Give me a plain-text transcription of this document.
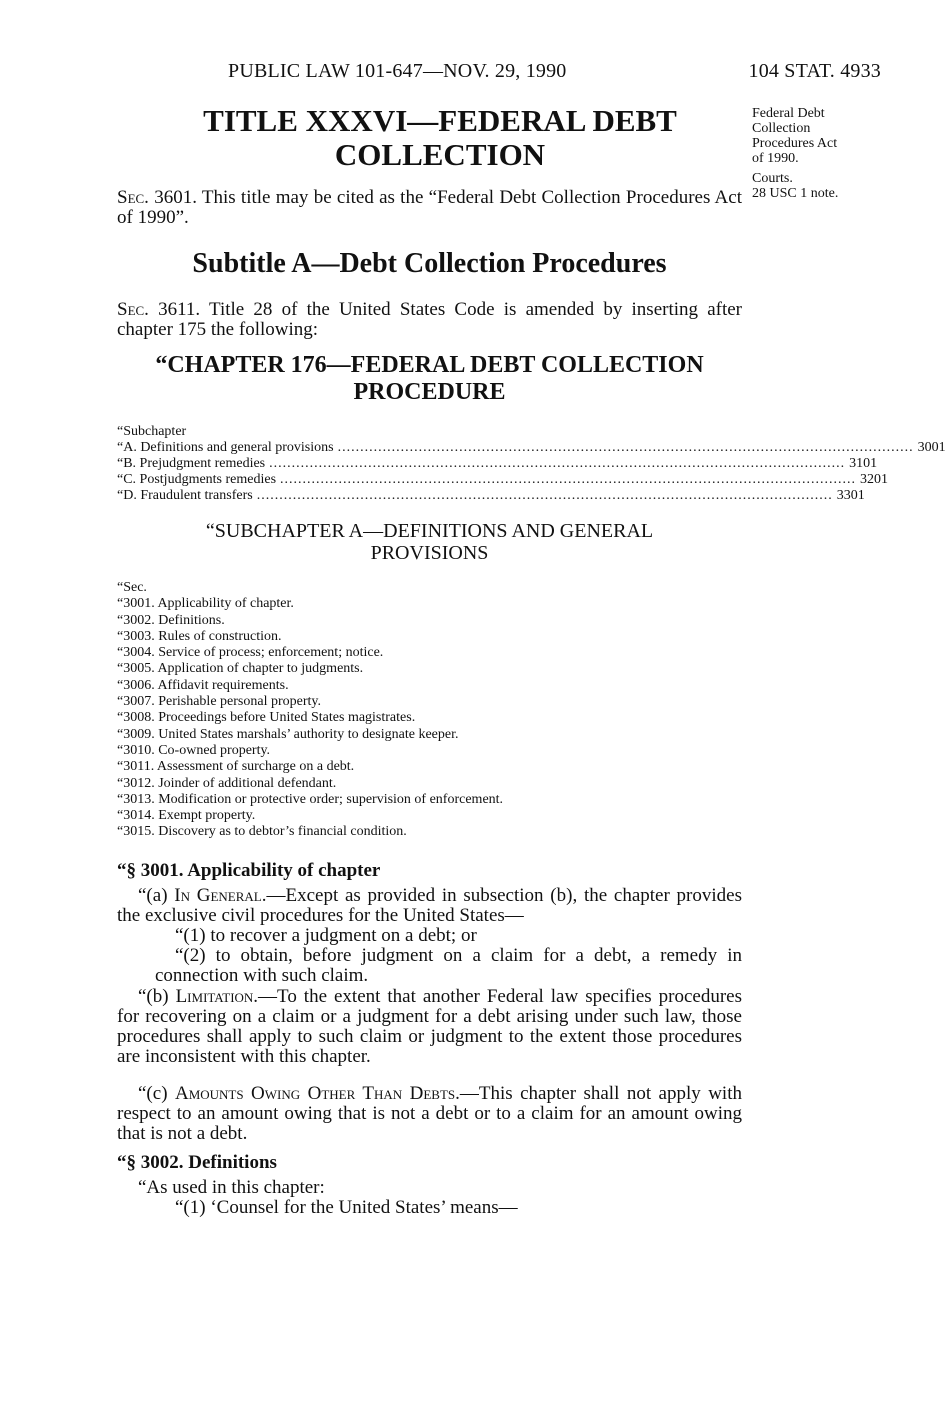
PUBLIC LAW 101-647—NOV. 29, 1990	104 STAT. 4933
Federal Debt
Collection
Procedures Act
of 1990.
Courts.
28 USC 1 note.
TITLE XXXVI—FEDERAL DEBT
COLLECTION
Sec. 3601. This title may be cited as the “Federal Debt Collection Procedures Act of 1990”.
Subtitle A—Debt Collection Procedures
Sec. 3611. Title 28 of the United States Code is amended by inserting after chapter 175 the following:
“CHAPTER 176—FEDERAL DEBT COLLECTION
PROCEDURE
“Subchapter
“A. Definitions and general provisions ................................................................................................................................ 3001
“B. Prejudgment remedies ................................................................................................................................ 3101
“C. Postjudgments remedies ................................................................................................................................ 3201
“D. Fraudulent transfers ................................................................................................................................ 3301
“SUBCHAPTER A—DEFINITIONS AND GENERAL
PROVISIONS
“Sec.
“3001. Applicability of chapter.
“3002. Definitions.
“3003. Rules of construction.
“3004. Service of process; enforcement; notice.
“3005. Application of chapter to judgments.
“3006. Affidavit requirements.
“3007. Perishable personal property.
“3008. Proceedings before United States magistrates.
“3009. United States marshals’ authority to designate keeper.
“3010. Co-owned property.
“3011. Assessment of surcharge on a debt.
“3012. Joinder of additional defendant.
“3013. Modification or protective order; supervision of enforcement.
“3014. Exempt property.
“3015. Discovery as to debtor’s financial condition.
“§ 3001. Applicability of chapter
“(a) In General.—Except as provided in subsection (b), the chapter provides the exclusive civil procedures for the United States—
“(1) to recover a judgment on a debt; or
“(2) to obtain, before judgment on a claim for a debt, a remedy in connection with such claim.
“(b) Limitation.—To the extent that another Federal law specifies procedures for recovering on a claim or a judgment for a debt arising under such law, those procedures shall apply to such claim or judgment to the extent those procedures are inconsistent with this chapter.
“(c) Amounts Owing Other Than Debts.—This chapter shall not apply with respect to an amount owing that is not a debt or to a claim for an amount owing that is not a debt.
“§ 3002. Definitions
“As used in this chapter:
“(1) ‘Counsel for the United States’ means—
